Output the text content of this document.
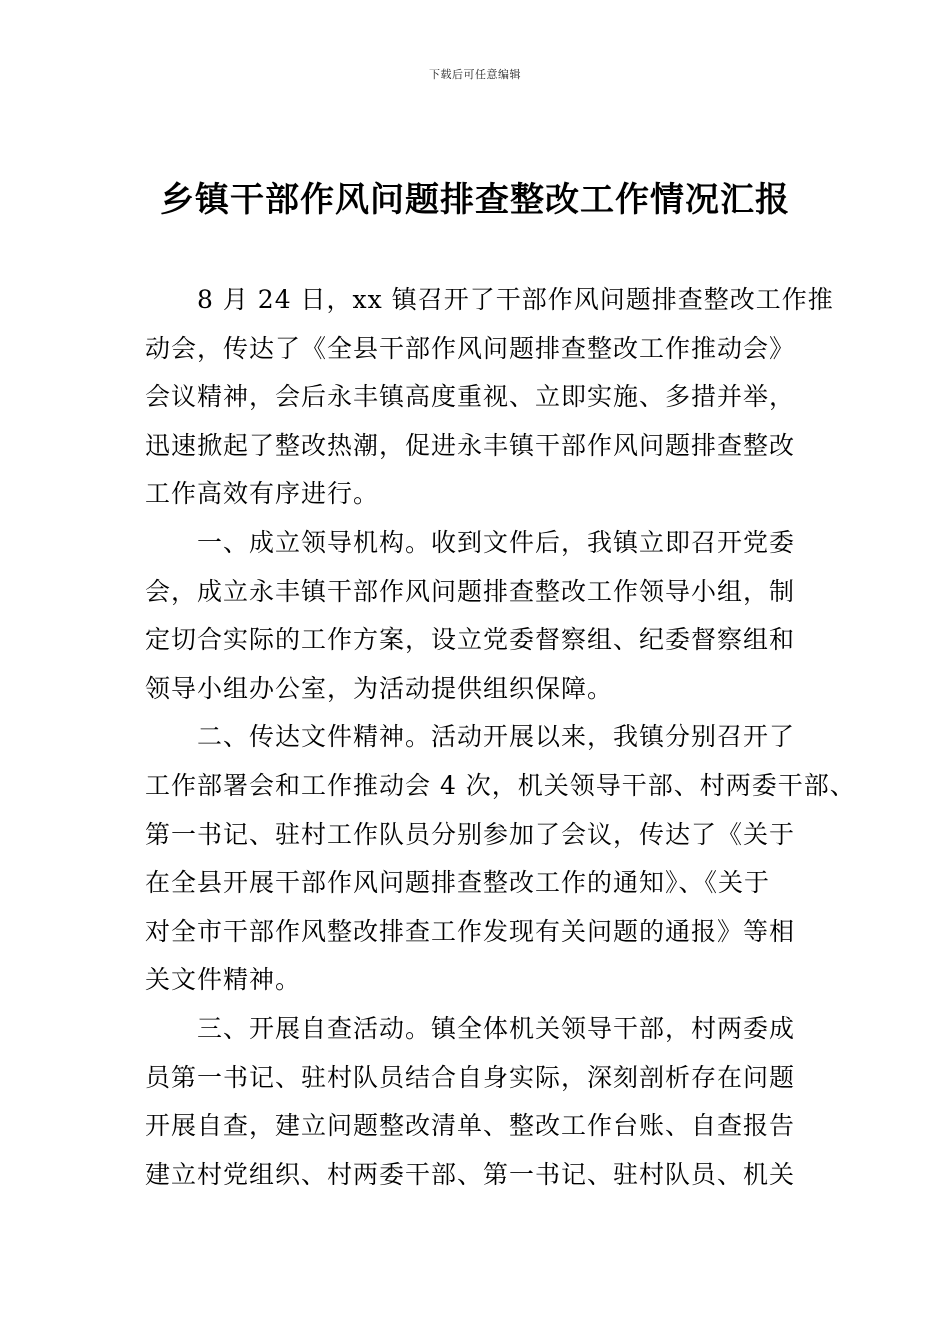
下载后可任意编辑
乡镇干部作风问题排查整改工作情况汇报

8 月 24 日，xx 镇召开了干部作风问题排查整改工作推
动会，传达了《全县干部作风问题排查整改工作推动会》
会议精神，会后永丰镇高度重视、立即实施、多措并举，
迅速掀起了整改热潮，促进永丰镇干部作风问题排查整改
工作高效有序进行。

一、成立领导机构。收到文件后，我镇立即召开党委
会，成立永丰镇干部作风问题排查整改工作领导小组，制
定切合实际的工作方案，设立党委督察组、纪委督察组和
领导小组办公室，为活动提供组织保障。

二、传达文件精神。活动开展以来，我镇分别召开了
工作部署会和工作推动会 4 次，机关领导干部、村两委干部、
第一书记、驻村工作队员分别参加了会议，传达了《关于
在全县开展干部作风问题排查整改工作的通知》、《关于
对全市干部作风整改排查工作发现有关问题的通报》等相
关文件精神。

三、开展自查活动。镇全体机关领导干部，村两委成
员第一书记、驻村队员结合自身实际，深刻剖析存在问题
开展自查，建立问题整改清单、整改工作台账、自查报告
建立村党组织、村两委干部、第一书记、驻村队员、机关
